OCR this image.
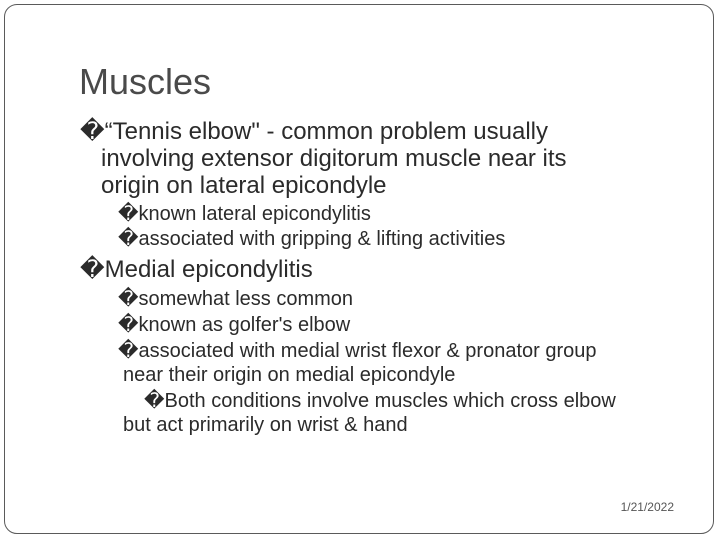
Muscles
�“Tennis elbow" - common problem usually
involving extensor digitorum muscle near its
origin on lateral epicondyle
�known lateral epicondylitis
�associated with gripping & lifting activities
�Medial epicondylitis
�somewhat less common
�known as golfer's elbow
�associated with medial wrist flexor & pronator group
near their origin on medial epicondyle
�Both conditions involve muscles which cross elbow
but act primarily on wrist & hand
1/21/2022
